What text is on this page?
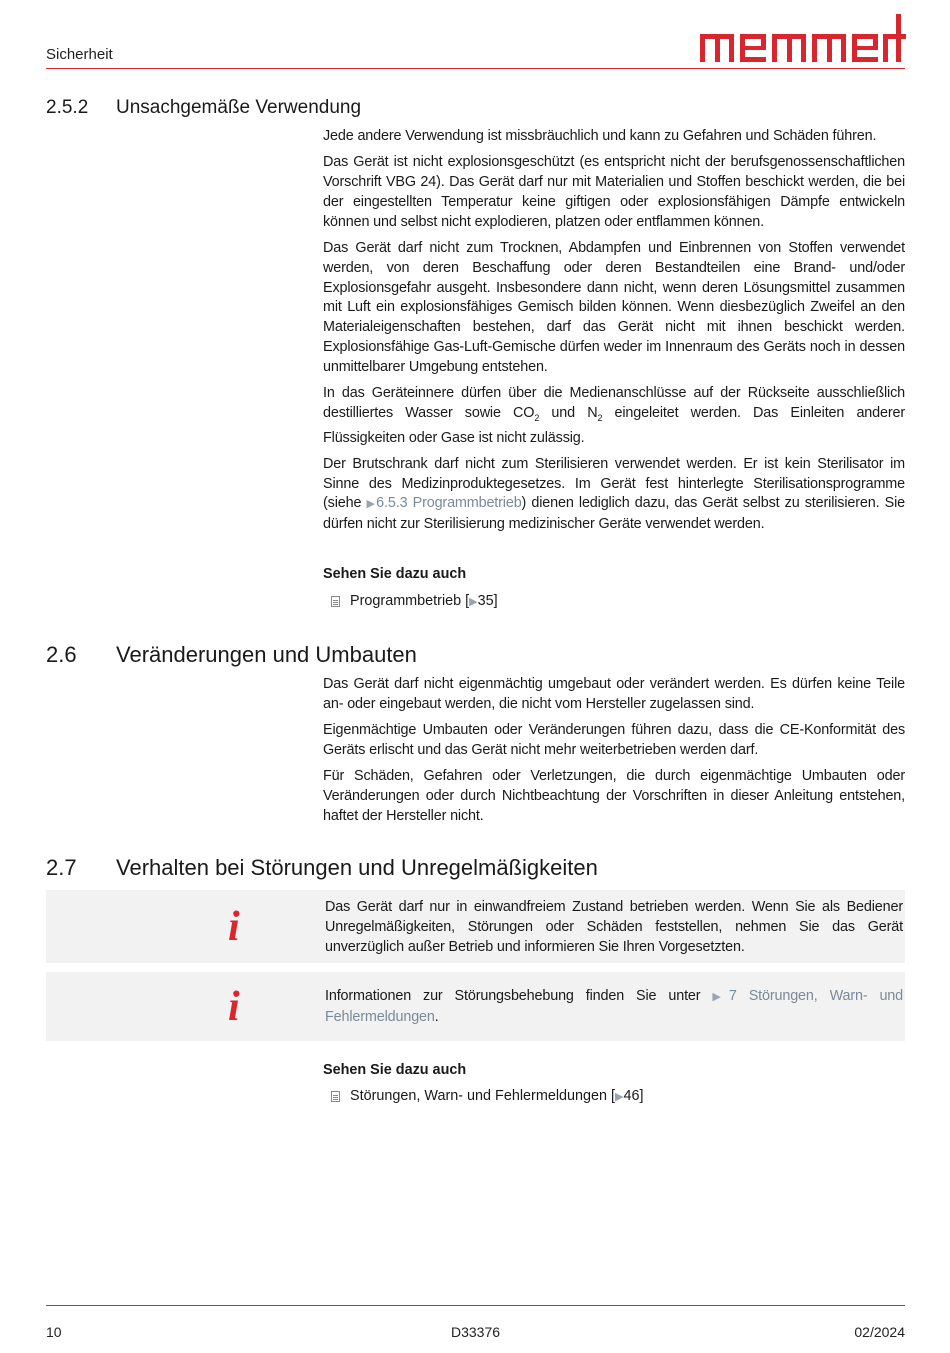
Sicherheit
2.5.2 Unsachgemäße Verwendung

Jede andere Verwendung ist missbräuchlich und kann zu Gefahren und Schäden führen.

Das Gerät ist nicht explosionsgeschützt (es entspricht nicht der berufsgenossenschaftlichen Vorschrift VBG 24). Das Gerät darf nur mit Materialien und Stoffen beschickt werden, die bei der eingestellten Temperatur keine giftigen oder explosionsfähigen Dämpfe entwickeln können und selbst nicht explodieren, platzen oder entflammen können.

Das Gerät darf nicht zum Trocknen, Abdampfen und Einbrennen von Stoffen verwendet werden, von deren Beschaffung oder deren Bestandteilen eine Brand- und/oder Explosionsgefahr ausgeht. Insbesondere dann nicht, wenn deren Lösungsmittel zusammen mit Luft ein explosionsfähiges Gemisch bilden können. Wenn diesbezüglich Zweifel an den Materialeigenschaften bestehen, darf das Gerät nicht mit ihnen beschickt werden. Explosionsfähige Gas-Luft-Gemische dürfen weder im Innenraum des Geräts noch in dessen unmittelbarer Umgebung entstehen.

In das Geräteinnere dürfen über die Medienanschlüsse auf der Rückseite ausschließlich destilliertes Wasser sowie $CO_2$ und $N_2$ eingeleitet werden. Das Einleiten anderer Flüssigkeiten oder Gase ist nicht zulässig.

Der Brutschrank darf nicht zum Sterilisieren verwendet werden. Er ist kein Sterilisator im Sinne des Medizinproduktegesetzes. Im Gerät fest hinterlegte Sterilisationsprogramme (siehe ▶6.5.3 Programmbetrieb) dienen lediglich dazu, das Gerät selbst zu sterilisieren. Sie dürfen nicht zur Sterilisierung medizinischer Geräte verwendet werden.

Sehen Sie dazu auch
Programmbetrieb [ ▶ 35]
2.6 Veränderungen und Umbauten

Das Gerät darf nicht eigenmächtig umgebaut oder verändert werden. Es dürfen keine Teile an- oder eingebaut werden, die nicht vom Hersteller zugelassen sind.

Eigenmächtige Umbauten oder Veränderungen führen dazu, dass die CE-Konformität des Geräts erlischt und das Gerät nicht mehr weiterbetrieben werden darf.

Für Schäden, Gefahren oder Verletzungen, die durch eigenmächtige Umbauten oder Veränderungen oder durch Nichtbeachtung der Vorschriften in dieser Anleitung entstehen, haftet der Hersteller nicht.

2.7 Verhalten bei Störungen und Unregelmäßigkeiten
i	Das Gerät darf nur in einwandfreiem Zustand betrieben werden. Wenn Sie als Bediener Unregelmäßigkeiten, Störungen oder Schäden feststellen, nehmen Sie das Gerät unverzüglich außer Betrieb und informieren Sie Ihren Vorgesetzten.
i	Informationen zur Störungsbehebung finden Sie unter ▶7 Störungen, Warn- und Fehlermeldungen.
Sehen Sie dazu auch
Störungen, Warn- und Fehlermeldungen [ ▶ 46]
10	D33376	02/2024
